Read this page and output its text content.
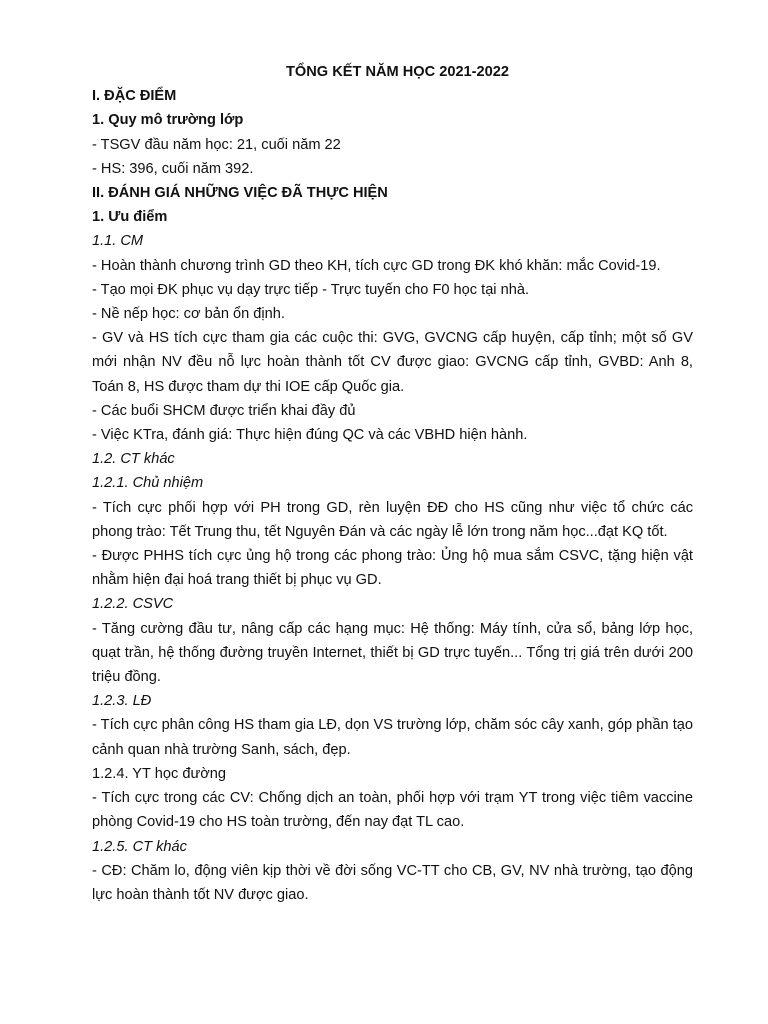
TỔNG KẾT NĂM HỌC 2021-2022

I. ĐẶC ĐIỂM

1. Quy mô trường lớp

- TSGV đầu năm học: 21, cuối năm 22

- HS: 396, cuối năm 392.

II. ĐÁNH GIÁ NHỮNG VIỆC ĐÃ THỰC HIỆN

1. Ưu điểm

1.1. CM

- Hoàn thành chương trình GD theo KH, tích cực GD trong ĐK khó khăn: mắc Covid-19.

- Tạo mọi ĐK phục vụ dạy trực tiếp - Trực tuyến cho F0 học tại nhà.

- Nề nếp học: cơ bản ổn định.

- GV và HS tích cực tham gia các cuộc thi: GVG, GVCNG cấp huyện, cấp tỉnh; một số GV mới nhận NV đều nỗ lực hoàn thành tốt CV được giao: GVCNG cấp tỉnh, GVBD: Anh 8, Toán 8, HS được tham dự thi IOE cấp Quốc gia.

- Các buổi SHCM được triển khai đầy đủ

- Việc KTra, đánh giá: Thực hiện đúng QC và các VBHD hiện hành.

1.2. CT khác

1.2.1. Chủ nhiệm

- Tích cực phối hợp với PH trong GD, rèn luyện ĐĐ cho HS cũng như việc tổ chức các phong trào: Tết Trung thu, tết Nguyên Đán và các ngày lễ lớn trong năm học...đạt KQ tốt.

- Được PHHS tích cực ủng hộ trong các phong trào: Ủng hộ mua sắm CSVC, tặng hiện vật nhằm hiện đại hoá trang thiết bị phục vụ GD.

1.2.2. CSVC

- Tăng cường đầu tư, nâng cấp các hạng mục: Hệ thống: Máy tính, cửa sổ, bảng lớp học, quạt trần, hệ thống đường truyền Internet, thiết bị GD trực tuyến... Tổng trị giá trên dưới 200 triệu đồng.

1.2.3. LĐ

- Tích cực phân công HS tham gia LĐ, dọn VS trường lớp, chăm sóc cây xanh, góp phần tạo cảnh quan nhà trường Sanh, sách, đẹp.

1.2.4. YT học đường

- Tích cực trong các CV: Chống dịch an toàn, phối hợp với trạm YT trong việc tiêm vaccine phòng Covid-19 cho HS toàn trường, đến nay đạt TL cao.

1.2.5. CT khác

- CĐ: Chăm lo, động viên kịp thời về đời sống VC-TT cho CB, GV, NV nhà trường, tạo động lực hoàn thành tốt NV được giao.
